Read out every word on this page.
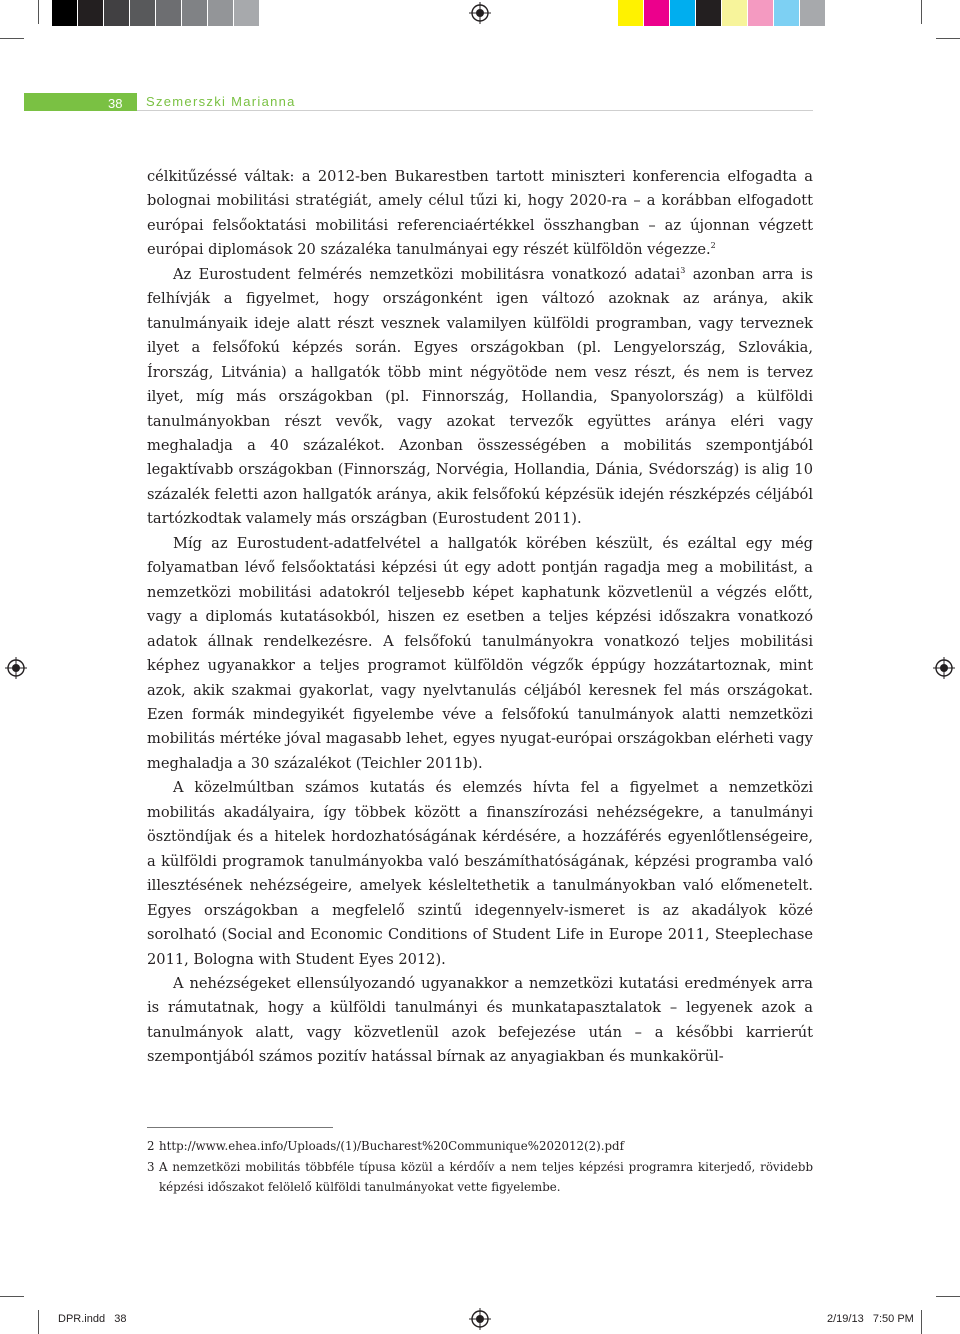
38 Szemerszki Marianna

célkitűzéssé váltak: a 2012-ben Bukarestben tartott miniszteri konferencia elfogadta a bolognai mobilitási stratégiát, amely célul tűzi ki, hogy 2020-ra – a korábban elfogadott európai felsőoktatási mobilitási referenciaértékkel összhangban – az újonnan végzett európai diplomások 20 százaléka tanulmányai egy részét külföldön végezze.$^2$

Az Eurostudent felmérés nemzetközi mobilitásra vonatkozó adatai$^3$ azonban arra is felhívják a figyelmet, hogy országonként igen változó azoknak az aránya, akik tanulmányaik ideje alatt részt vesznek valamilyen külföldi programban, vagy terveznek ilyet a felsőfokú képzés során. Egyes országokban (pl. Lengyelország, Szlovákia, Írország, Litvánia) a hallgatók több mint négyötöde nem vesz részt, és nem is tervez ilyet, míg más országokban (pl. Finnország, Hollandia, Spanyolország) a külföldi tanulmányokban részt vevők, vagy azokat tervezők együttes aránya eléri vagy meghaladja a 40 százalékot. Azonban összességében a mobilitás szempontjából legaktívabb országokban (Finnország, Norvégia, Hollandia, Dánia, Svédország) is alig 10 százalék feletti azon hallgatók aránya, akik felsőfokú képzésük idején részképzés céljából tartózkodtak valamely más országban (Eurostudent 2011).

Míg az Eurostudent-adatfelvétel a hallgatók körében készült, és ezáltal egy még folyamatban lévő felsőoktatási képzési út egy adott pontján ragadja meg a mobilitást, a nemzetközi mobilitási adatokról teljesebb képet kaphatunk közvetlenül a végzés előtt, vagy a diplomás kutatásokból, hiszen ez esetben a teljes képzési időszakra vonatkozó adatok állnak rendelkezésre. A felsőfokú tanulmányokra vonatkozó teljes mobilitási képhez ugyanakkor a teljes programot külföldön végzők éppúgy hozzátartoznak, mint azok, akik szakmai gyakorlat, vagy nyelvtanulás céljából keresnek fel más országokat. Ezen formák mindegyikét figyelembe véve a felsőfokú tanulmányok alatti nemzetközi mobilitás mértéke jóval magasabb lehet, egyes nyugat-európai országokban elérheti vagy meghaladja a 30 százalékot (Teichler 2011b).

A közelmúltban számos kutatás és elemzés hívta fel a figyelmet a nemzetközi mobilitás akadályaira, így többek között a finanszírozási nehézségekre, a tanulmányi ösztöndíjak és a hitelek hordozhatóságának kérdésére, a hozzáférés egyenlőtlenségeire, a külföldi programok tanulmányokba való beszámíthatóságának, képzési programba való illesztésének nehézségeire, amelyek késleltethetik a tanulmányokban való előmenetelt. Egyes országokban a megfelelő szintű idegennyelv-ismeret is az akadályok közé sorolható (Social and Economic Conditions of Student Life in Europe 2011, Steeplechase 2011, Bologna with Student Eyes 2012).

A nehézségeket ellensúlyozandó ugyanakkor a nemzetközi kutatási eredmények arra is rámutatnak, hogy a külföldi tanulmányi és munkatapasztalatok – legyenek azok a tanulmányok alatt, vagy közvetlenül azok befejezése után – a későbbi karrierút szempontjából számos pozitív hatással bírnak az anyagiakban és munkakörül-

2 http://www.ehea.info/Uploads/(1)/Bucharest%20Communique%202012(2).pdf
3 A nemzetközi mobilitás többféle típusa közül a kérdőív a nem teljes képzési programra kiterjedő, rövidebb képzési időszakot felölelő külföldi tanulmányokat vette figyelembe.
DPR.indd   38	2/19/13   7:50 PM
